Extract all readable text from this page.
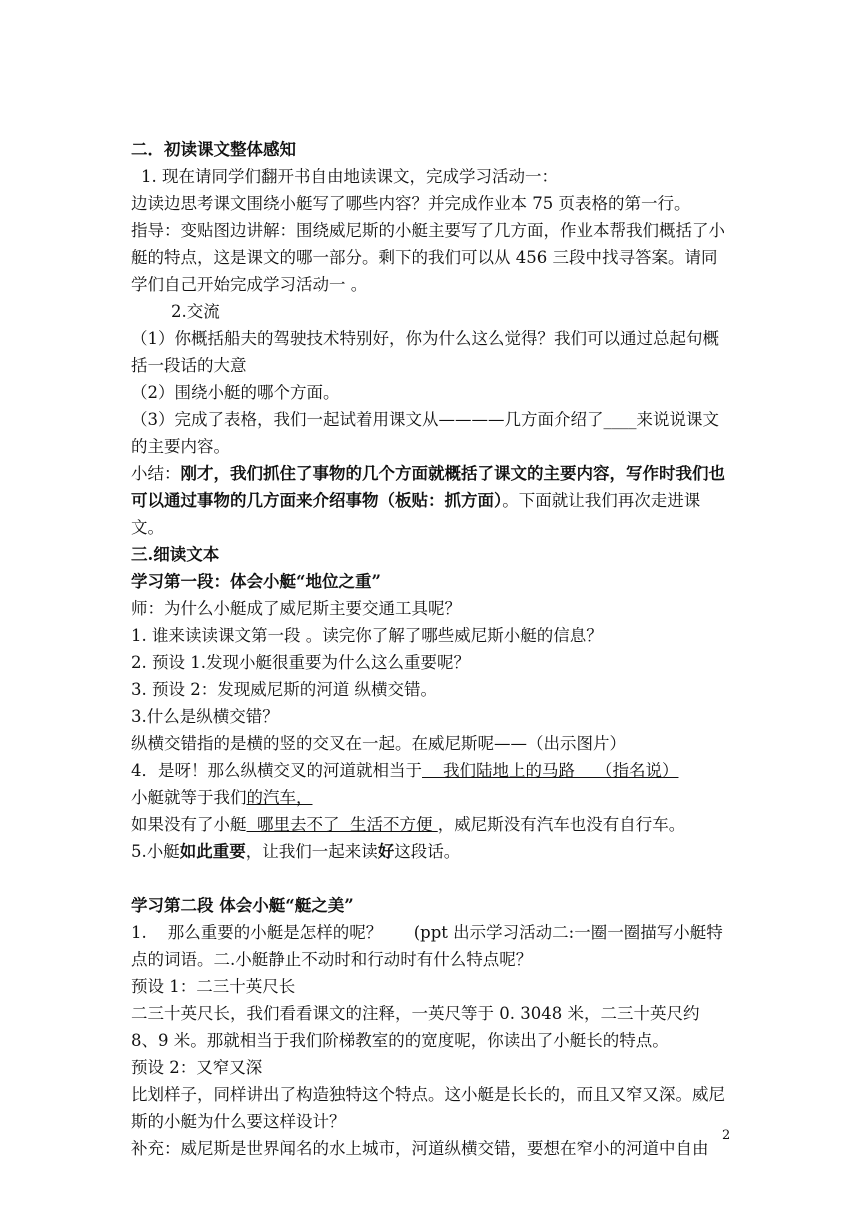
二．初读课文整体感知
1. 现在请同学们翻开书自由地读课文，完成学习活动一：
边读边思考课文围绕小艇写了哪些内容？并完成作业本 75 页表格的第一行。
指导：变贴图边讲解：围绕威尼斯的小艇主要写了几方面，作业本帮我们概括了小艇的特点，这是课文的哪一部分。剩下的我们可以从 456 三段中找寻答案。请同学们自己开始完成学习活动一 。
2.交流
（1）你概括船夫的驾驶技术特别好，你为什么这么觉得？我们可以通过总起句概括一段话的大意
（2）围绕小艇的哪个方面。
（3）完成了表格，我们一起试着用课文从————几方面介绍了____来说说课文的主要内容。
小结：刚才，我们抓住了事物的几个方面就概括了课文的主要内容，写作时我们也可以通过事物的几方面来介绍事物（板贴：抓方面）。下面就让我们再次走进课文。
三.细读文本
学习第一段：体会小艇“地位之重”
师：为什么小艇成了威尼斯主要交通工具呢？
1. 谁来读读课文第一段 。读完你了解了哪些威尼斯小艇的信息？
2. 预设 1.发现小艇很重要为什么这么重要呢？
3. 预设 2：发现威尼斯的河道 纵横交错。
3.什么是纵横交错？
纵横交错指的是横的竖的交叉在一起。在威尼斯呢——（出示图片）
4．是呀！那么纵横交叉的河道就相当于    我们陆地上的马路    （指名说）
小艇就等于我们的汽车，
如果没有了小艇  哪里去不了  生活不方便 ，威尼斯没有汽车也没有自行车。
5.小艇如此重要，让我们一起来读好这段话。
学习第二段 体会小艇“艇之美”
1.    那么重要的小艇是怎样的呢？      (ppt 出示学习活动二:一圈一圈描写小艇特点的词语。二.小艇静止不动时和行动时有什么特点呢？
预设 1：二三十英尺长
二三十英尺长，我们看看课文的注释，一英尺等于 0. 3048 米，二三十英尺约 8、9 米。那就相当于我们阶梯教室的的宽度呢，你读出了小艇长的特点。
预设 2：又窄又深
比划样子，同样讲出了构造独特这个特点。这小艇是长长的，而且又窄又深。威尼斯的小艇为什么要这样设计？
补充：威尼斯是世界闻名的水上城市，河道纵横交错，要想在窄小的河道中自由
2
